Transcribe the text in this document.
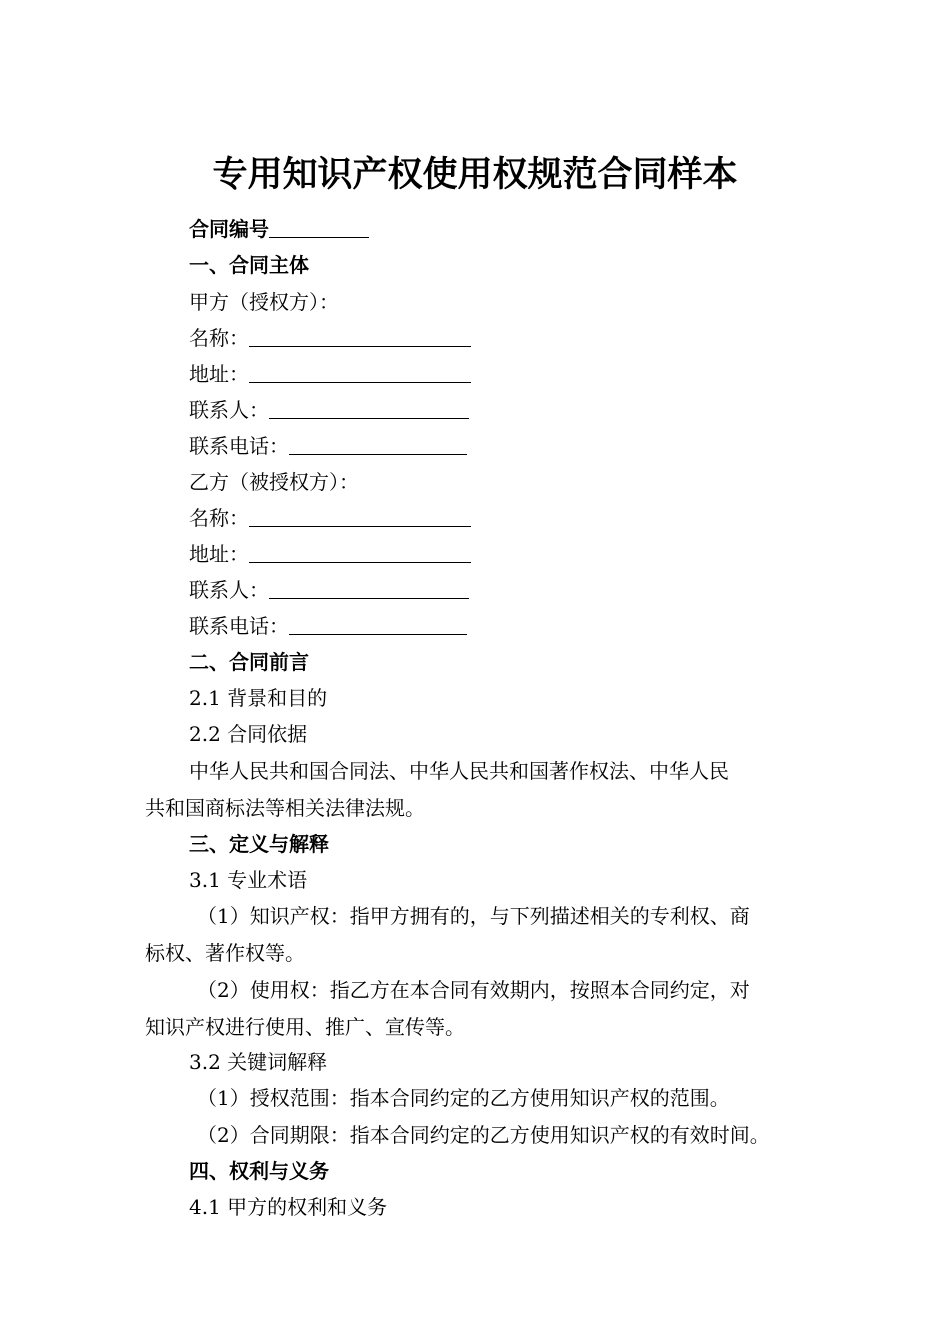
专用知识产权使用权规范合同样本
合同编号
一、合同主体
甲方（授权方）：
名称：
地址：
联系人：
联系电话：
乙方（被授权方）：
名称：
地址：
联系人：
联系电话：
二、合同前言
2.1 背景和目的
2.2 合同依据
中华人民共和国合同法、中华人民共和国著作权法、中华人民
共和国商标法等相关法律法规。
三、定义与解释
3.1 专业术语
（1）知识产权：指甲方拥有的，与下列描述相关的专利权、商
标权、著作权等。
（2）使用权：指乙方在本合同有效期内，按照本合同约定，对
知识产权进行使用、推广、宣传等。
3.2 关键词解释
（1）授权范围：指本合同约定的乙方使用知识产权的范围。
（2）合同期限：指本合同约定的乙方使用知识产权的有效时间。
四、权利与义务
4.1 甲方的权利和义务
